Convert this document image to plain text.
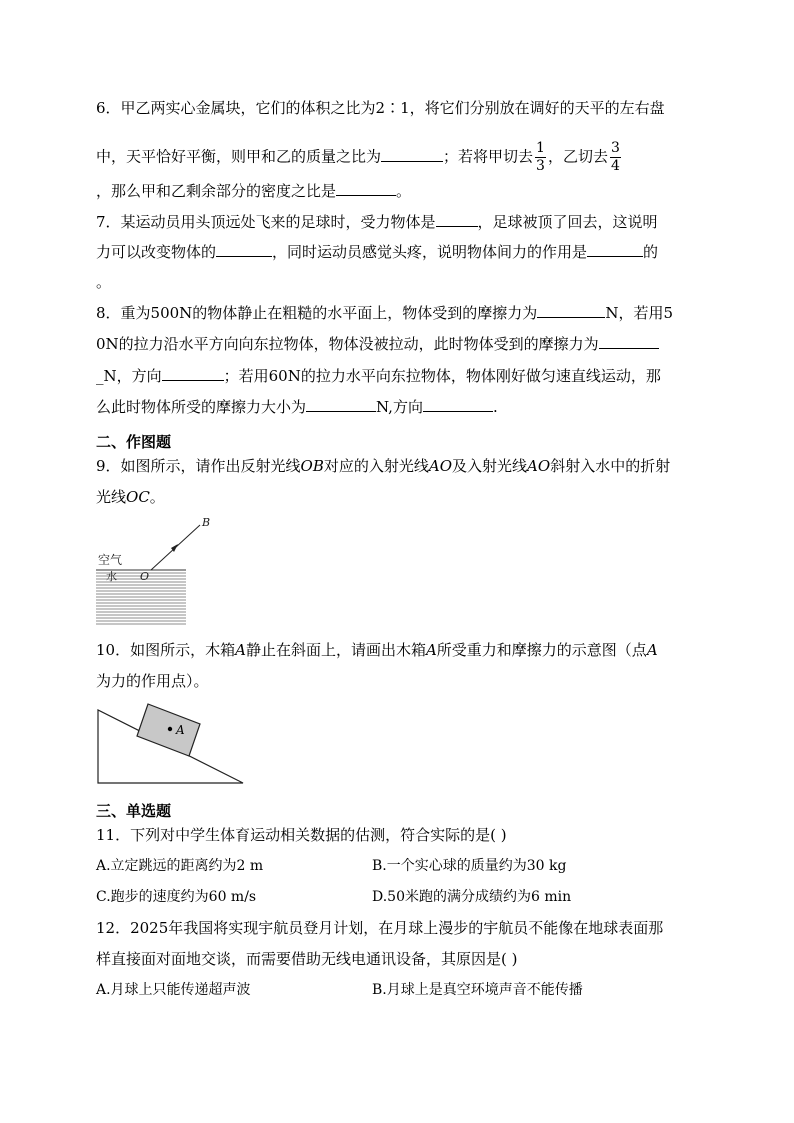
6．甲乙两实心金属块，它们的体积之比为2∶1，将它们分别放在调好的天平的左右盘
中，天平恰好平衡，则甲和乙的质量之比为	；若将甲切去 $\frac{1}{3}$ ，乙切去 $\frac{3}{4}$
，那么甲和乙剩余部分的密度之比是	。
7．某运动员用头顶远处飞来的足球时，受力物体是	，足球被顶了回去，这说明
力可以改变物体的	，同时运动员感觉头疼，说明物体间力的作用是	的
。
8．重为500N的物体静止在粗糙的水平面上，物体受到的摩擦力为	N，若用5
0N的拉力沿水平方向向东拉物体，物体没被拉动，此时物体受到的摩擦力为
_N，方向	；若用60N的拉力水平向东拉物体，物体刚好做匀速直线运动，那
么此时物体所受的摩擦力大小为	N,方向	.
二、作图题
9．如图所示，请作出反射光线OB对应的入射光线AO及入射光线AO斜射入水中的折射
光线OC。
空气
水 O
B
10．如图所示，木箱A静止在斜面上，请画出木箱A所受重力和摩擦力的示意图（点A
为力的作用点）。
A
三、单选题
11．下列对中学生体育运动相关数据的估测，符合实际的是( )
A.立定跳远的距离约为2 m	B.一个实心球的质量约为30 kg
C.跑步的速度约为60 m/s	D.50米跑的满分成绩约为6 min
12．2025年我国将实现宇航员登月计划，在月球上漫步的宇航员不能像在地球表面那
样直接面对面地交谈，而需要借助无线电通讯设备，其原因是( )
A.月球上只能传递超声波	B.月球上是真空环境声音不能传播
